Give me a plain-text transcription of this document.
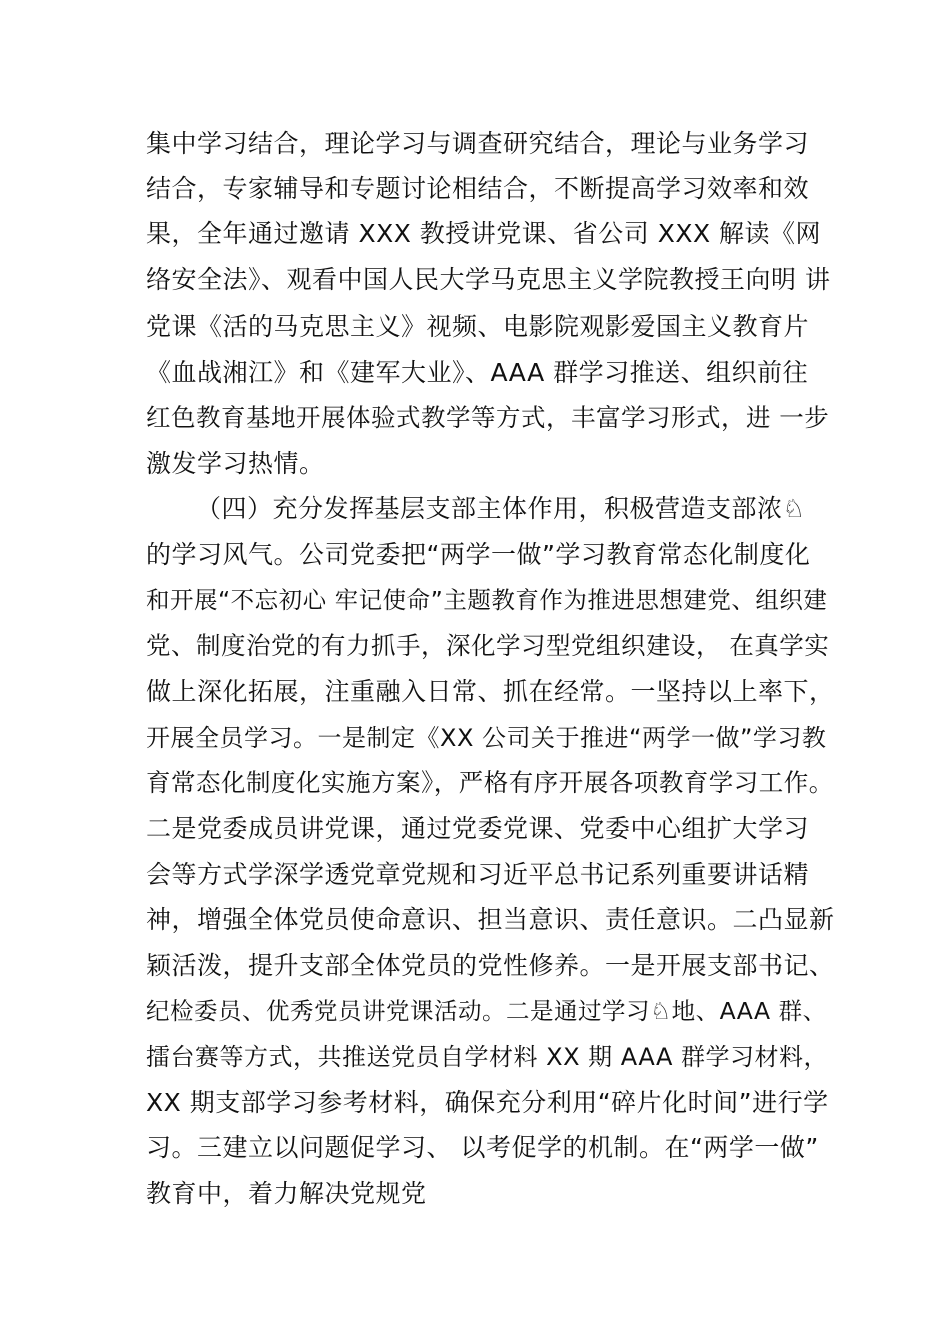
集中学习结合，理论学习与调查研究结合，理论与业务学习
结合，专家辅导和专题讨论相结合，不断提高学习效率和效
果，全年通过邀请 XXX 教授讲党课、省公司 XXX 解读《网
络安全法》、观看中国人民大学马克思主义学院教授王向明 讲
党课《活的马克思主义》视频、电影院观影爱国主义教育片
《血战湘江》和《建军大业》、AAA 群学习推送、组织前往
红色教育基地开展体验式教学等方式，丰富学习形式，进 一步
激发学习热情。
（四）充分发挥基层支部主体作用，积极营造支部浓♘
的学习风气。公司党委把“两学一做”学习教育常态化制度化
和开展“不忘初心 牢记使命”主题教育作为推进思想建党、组织建
党、制度治党的有力抓手，深化学习型党组织建设， 在真学实
做上深化拓展，注重融入日常、抓在经常。一坚持以上率下，
开展全员学习。一是制定《XX 公司关于推进“两学一做”学习教
育常态化制度化实施方案》，严格有序开展各项教育学习工作。
二是党委成员讲党课，通过党委党课、党委中心组扩大学习
会等方式学深学透党章党规和习近平总书记系列重要讲话精
神，增强全体党员使命意识、担当意识、责任意识。二凸显新
颖活泼，提升支部全体党员的党性修养。一是开展支部书记、
纪检委员、优秀党员讲党课活动。二是通过学习♘地、AAA 群、
擂台赛等方式，共推送党员自学材料 XX 期 AAA 群学习材料，
XX 期支部学习参考材料，确保充分利用“碎片化时间”进行学
习。三建立以问题促学习、 以考促学的机制。在“两学一做”
教育中，着力解决党规党
